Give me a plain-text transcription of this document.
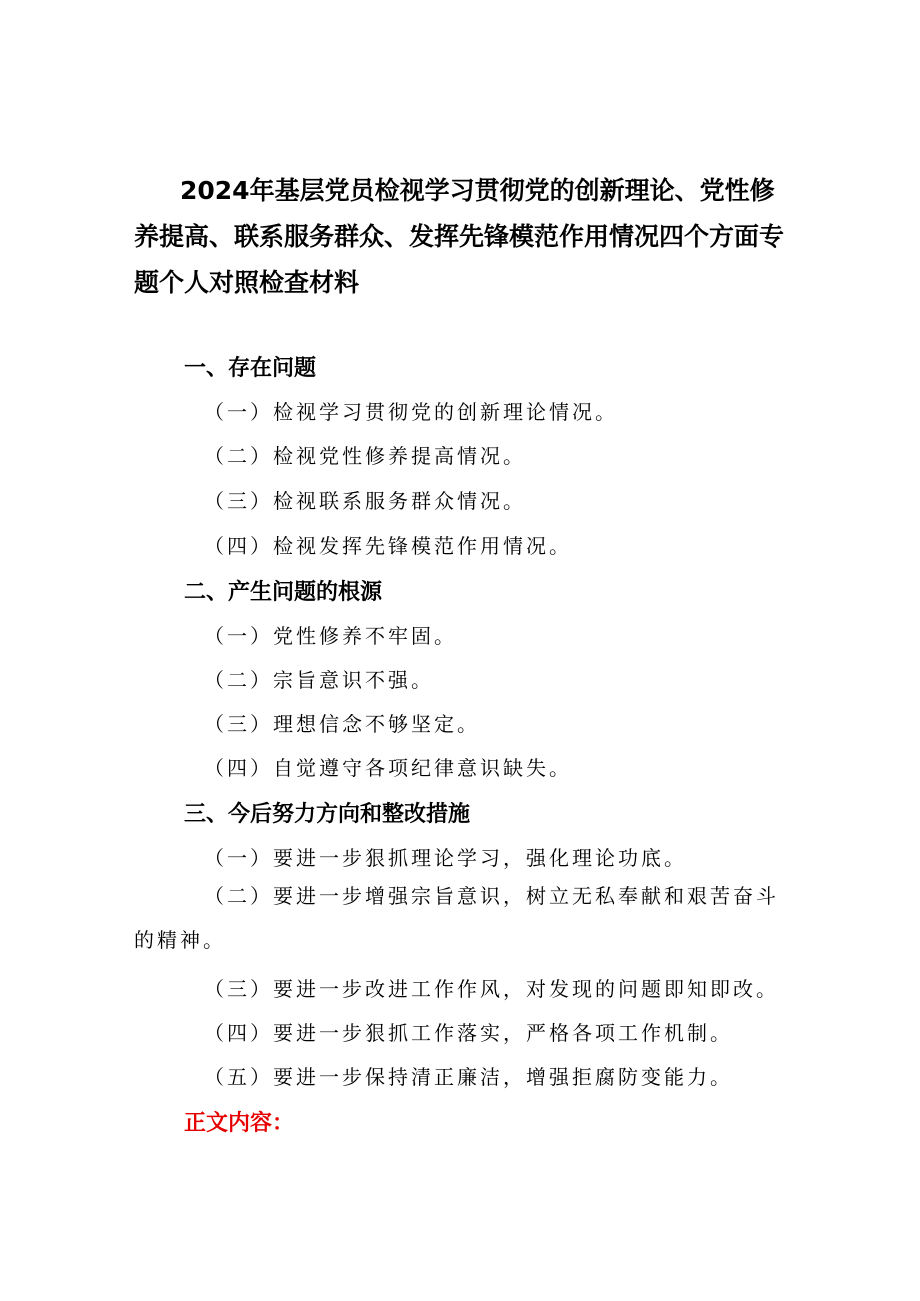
2024年基层党员检视学习贯彻党的创新理论、党性修养提高、联系服务群众、发挥先锋模范作用情况四个方面专题个人对照检查材料

一、存在问题

（一）检视学习贯彻党的创新理论情况。

（二）检视党性修养提高情况。

（三）检视联系服务群众情况。

（四）检视发挥先锋模范作用情况。

二、产生问题的根源

（一）党性修养不牢固。

（二）宗旨意识不强。

（三）理想信念不够坚定。

（四）自觉遵守各项纪律意识缺失。

三、今后努力方向和整改措施

（一）要进一步狠抓理论学习，强化理论功底。

（二）要进一步增强宗旨意识，树立无私奉献和艰苦奋斗的精神。

（三）要进一步改进工作作风，对发现的问题即知即改。

（四）要进一步狠抓工作落实，严格各项工作机制。

（五）要进一步保持清正廉洁，增强拒腐防变能力。

正文内容：
